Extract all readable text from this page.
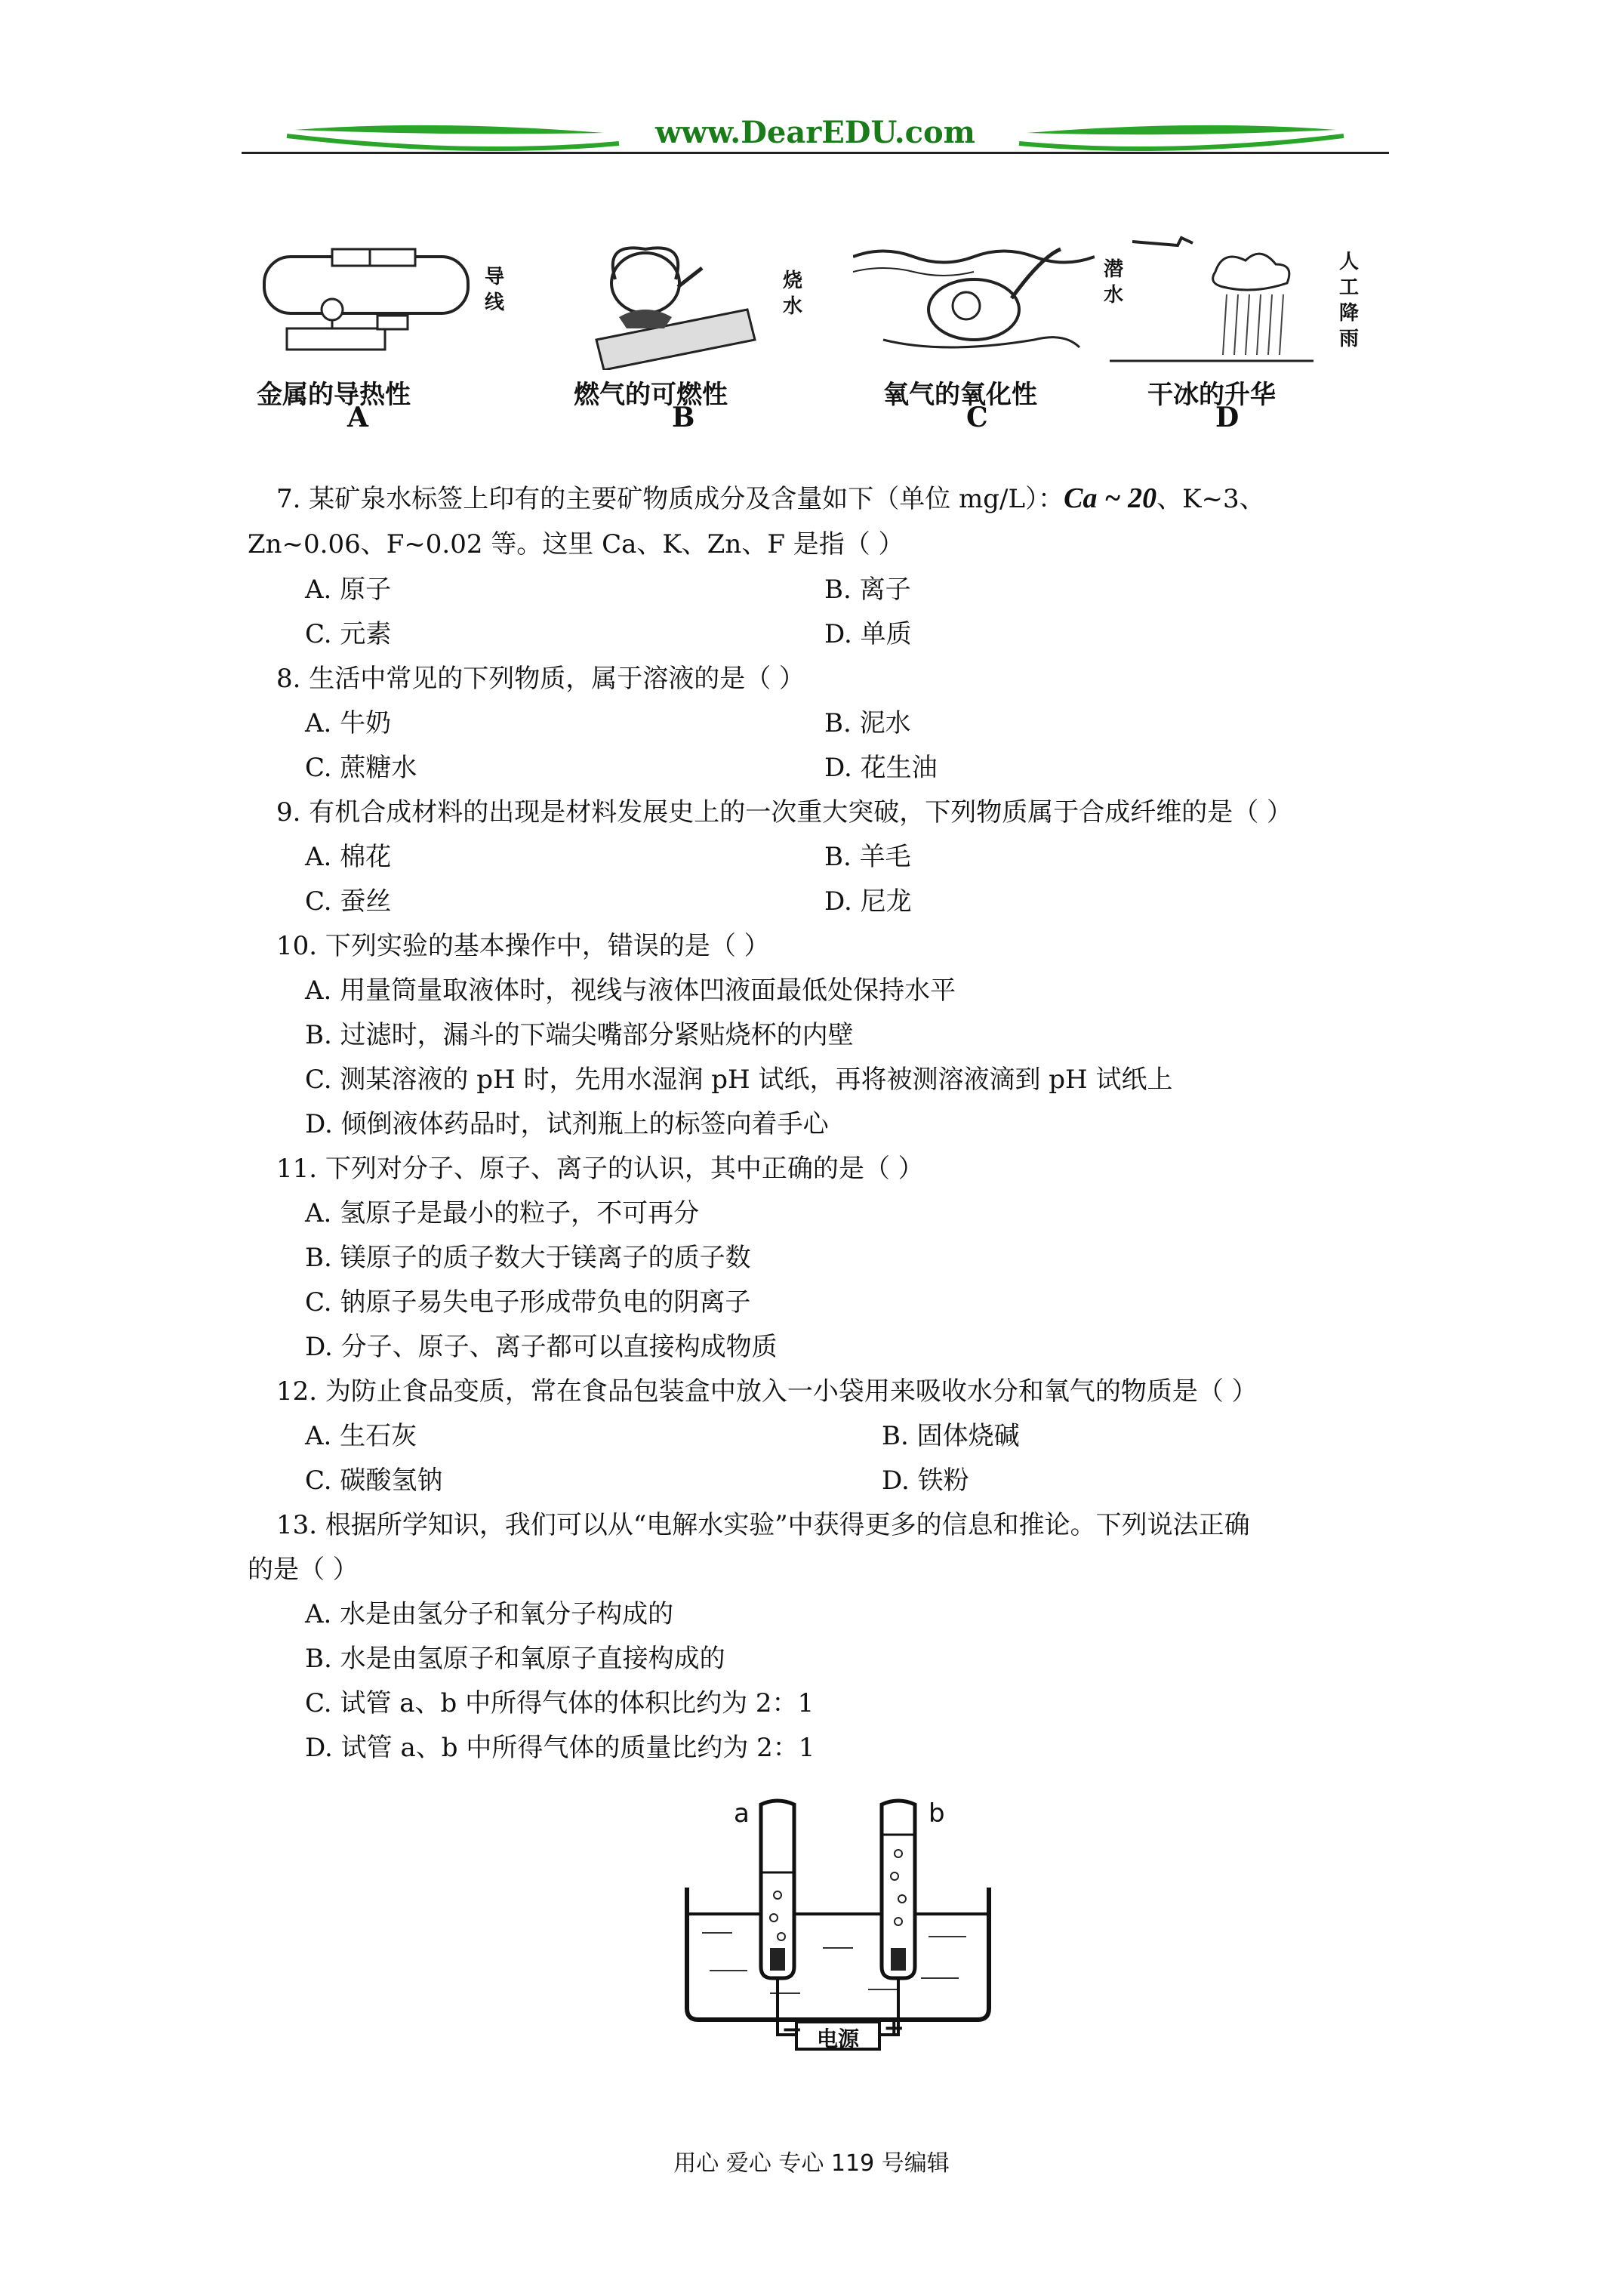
www.DearEDU.com
导
线
金属的导热性
A
烧
水
燃气的可燃性
B
潜
水
氧气的氧化性
C
人
工
降
雨
干冰的升华
D
7. 某矿泉水标签上印有的主要矿物质成分及含量如下（单位 mg/L）：Ca ~ 20、K~3、
Zn~0.06、F~0.02 等。这里 Ca、K、Zn、F 是指（ ）
A. 原子	B. 离子
C. 元素	D. 单质
8. 生活中常见的下列物质，属于溶液的是（ ）
A. 牛奶	B. 泥水
C. 蔗糖水	D. 花生油
9. 有机合成材料的出现是材料发展史上的一次重大突破，下列物质属于合成纤维的是（ ）
A. 棉花	B. 羊毛
C. 蚕丝	D. 尼龙
10. 下列实验的基本操作中，错误的是（ ）
A. 用量筒量取液体时，视线与液体凹液面最低处保持水平
B. 过滤时，漏斗的下端尖嘴部分紧贴烧杯的内壁
C. 测某溶液的 pH 时，先用水湿润 pH 试纸，再将被测溶液滴到 pH 试纸上
D. 倾倒液体药品时，试剂瓶上的标签向着手心
11. 下列对分子、原子、离子的认识，其中正确的是（ ）
A. 氢原子是最小的粒子，不可再分
B. 镁原子的质子数大于镁离子的质子数
C. 钠原子易失电子形成带负电的阴离子
D. 分子、原子、离子都可以直接构成物质
12. 为防止食品变质，常在食品包装盒中放入一小袋用来吸收水分和氧气的物质是（ ）
A. 生石灰	B. 固体烧碱
C. 碳酸氢钠	D. 铁粉
13. 根据所学知识，我们可以从“电解水实验”中获得更多的信息和推论。下列说法正确
的是（ ）
A. 水是由氢分子和氧分子构成的
B. 水是由氢原子和氧原子直接构成的
C. 试管 a、b 中所得气体的体积比约为 2：1
D. 试管 a、b 中所得气体的质量比约为 2：1
a	b
电源
−	+
用心 爱心 专心 119 号编辑
